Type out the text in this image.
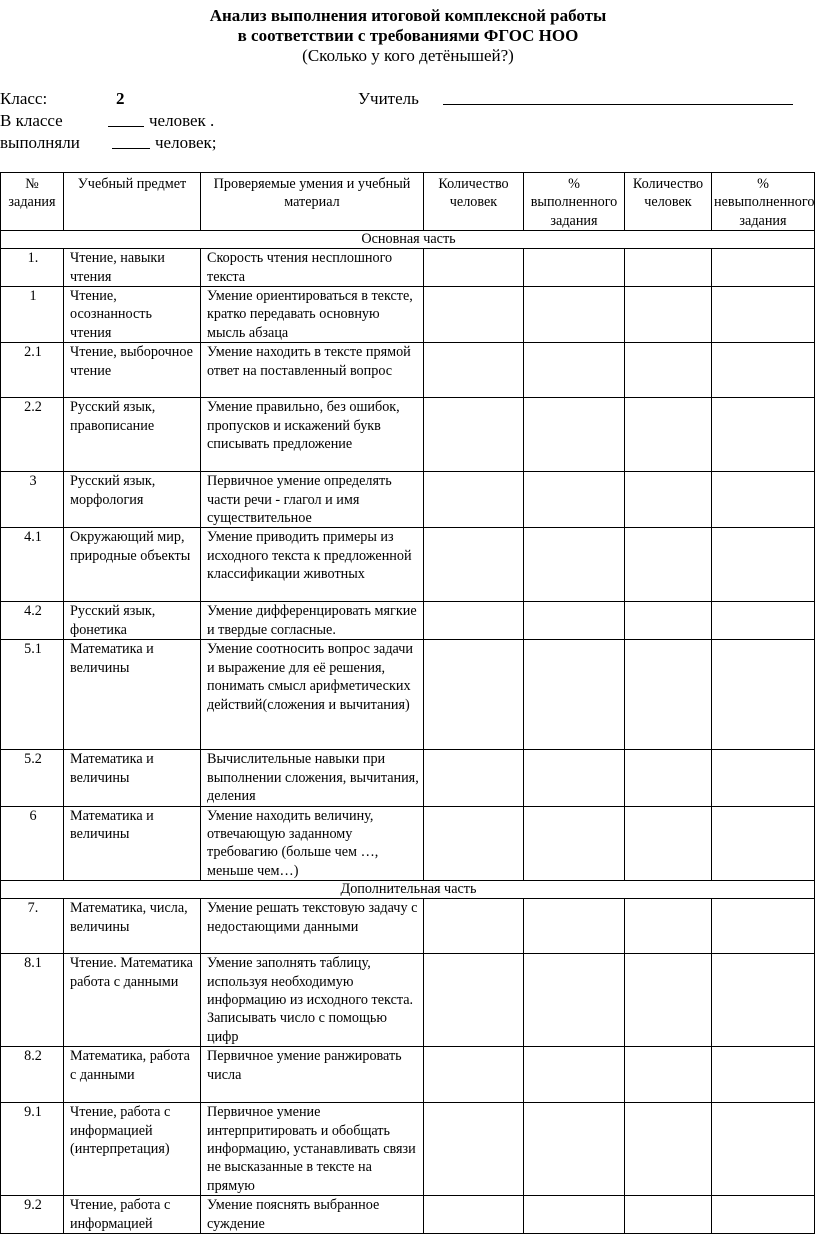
Анализ выполнения итоговой комплексной работы
в соответствии с требованиями ФГОС НОО
(Сколько у кого детёнышей?)
Класс:	2	Учитель
В классе	человек .
выполняли	человек;
№ задания	Учебный предмет	Проверяемые умения и учебный материал	Количество человек	% выполненного задания	Количество человек	% невыполненного задания
Основная часть						
1.	Чтение, навыки чтения	Скорость чтения несплошного текста				
1	Чтение, осознанность чтения	Умение ориентироваться в тексте, кратко передавать основную мысль абзаца				
2.1	Чтение, выборочное чтение	Умение находить в тексте прямой ответ на поставленный вопрос				
2.2	Русский язык, правописание	Умение правильно, без ошибок, пропусков и искажений букв списывать предложение				
3	Русский язык, морфология	Первичное умение определять части речи - глагол и имя существительное				
4.1	Окружающий мир, природные объекты	Умение приводить примеры из исходного текста к предложенной классификации животных				
4.2	Русский язык, фонетика	Умение дифференцировать мягкие и твердые согласные.				
5.1	Математика и величины	Умение соотносить вопрос задачи и выражение для её решения, понимать смысл арифметических действий(сложения и вычитания)				
5.2	Математика и величины	Вычислительные навыки при выполнении сложения, вычитания, деления				
6	Математика и величины	Умение находить величину, отвечающую заданному требовагию (больше чем …, меньше чем…)				
Дополнительная часть						
7.	Математика, числа, величины	Умение решать текстовую задачу с недостающими данными				
8.1	Чтение. Математика работа с данными	Умение заполнять таблицу, используя необходимую информацию из исходного текста. Записывать число с помощью цифр				
8.2	Математика, работа с данными	Первичное умение ранжировать числа				
9.1	Чтение, работа с информацией (интерпретация)	Первичное умение интерпритировать и обобщать информацию, устанавливать связи не высказанные в тексте на прямую				
9.2	Чтение, работа с информацией	Умение пояснять выбранное суждение				
